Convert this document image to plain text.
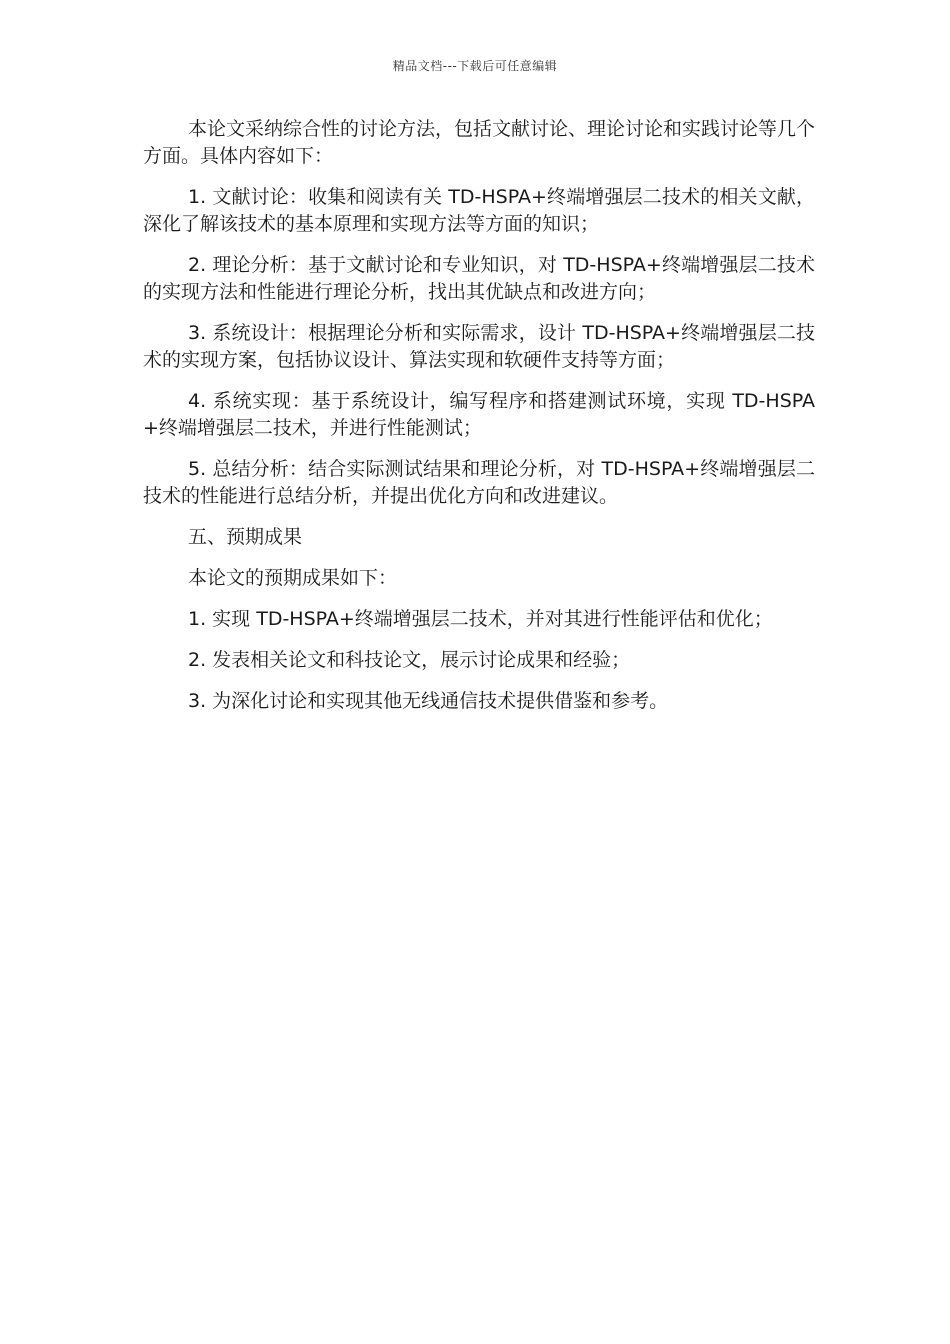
精品文档---下载后可任意编辑

本论文采纳综合性的讨论方法，包括文献讨论、理论讨论和实践讨论等几个方面。具体内容如下：

1. 文献讨论：收集和阅读有关 TD-HSPA+终端增强层二技术的相关文献，深化了解该技术的基本原理和实现方法等方面的知识；

2. 理论分析：基于文献讨论和专业知识，对 TD-HSPA+终端增强层二技术的实现方法和性能进行理论分析，找出其优缺点和改进方向；

3. 系统设计：根据理论分析和实际需求，设计 TD-HSPA+终端增强层二技术的实现方案，包括协议设计、算法实现和软硬件支持等方面；

4. 系统实现：基于系统设计，编写程序和搭建测试环境，实现 TD-HSPA+终端增强层二技术，并进行性能测试；

5. 总结分析：结合实际测试结果和理论分析，对 TD-HSPA+终端增强层二技术的性能进行总结分析，并提出优化方向和改进建议。

五、预期成果

本论文的预期成果如下：

1. 实现 TD-HSPA+终端增强层二技术，并对其进行性能评估和优化；

2. 发表相关论文和科技论文，展示讨论成果和经验；

3. 为深化讨论和实现其他无线通信技术提供借鉴和参考。
